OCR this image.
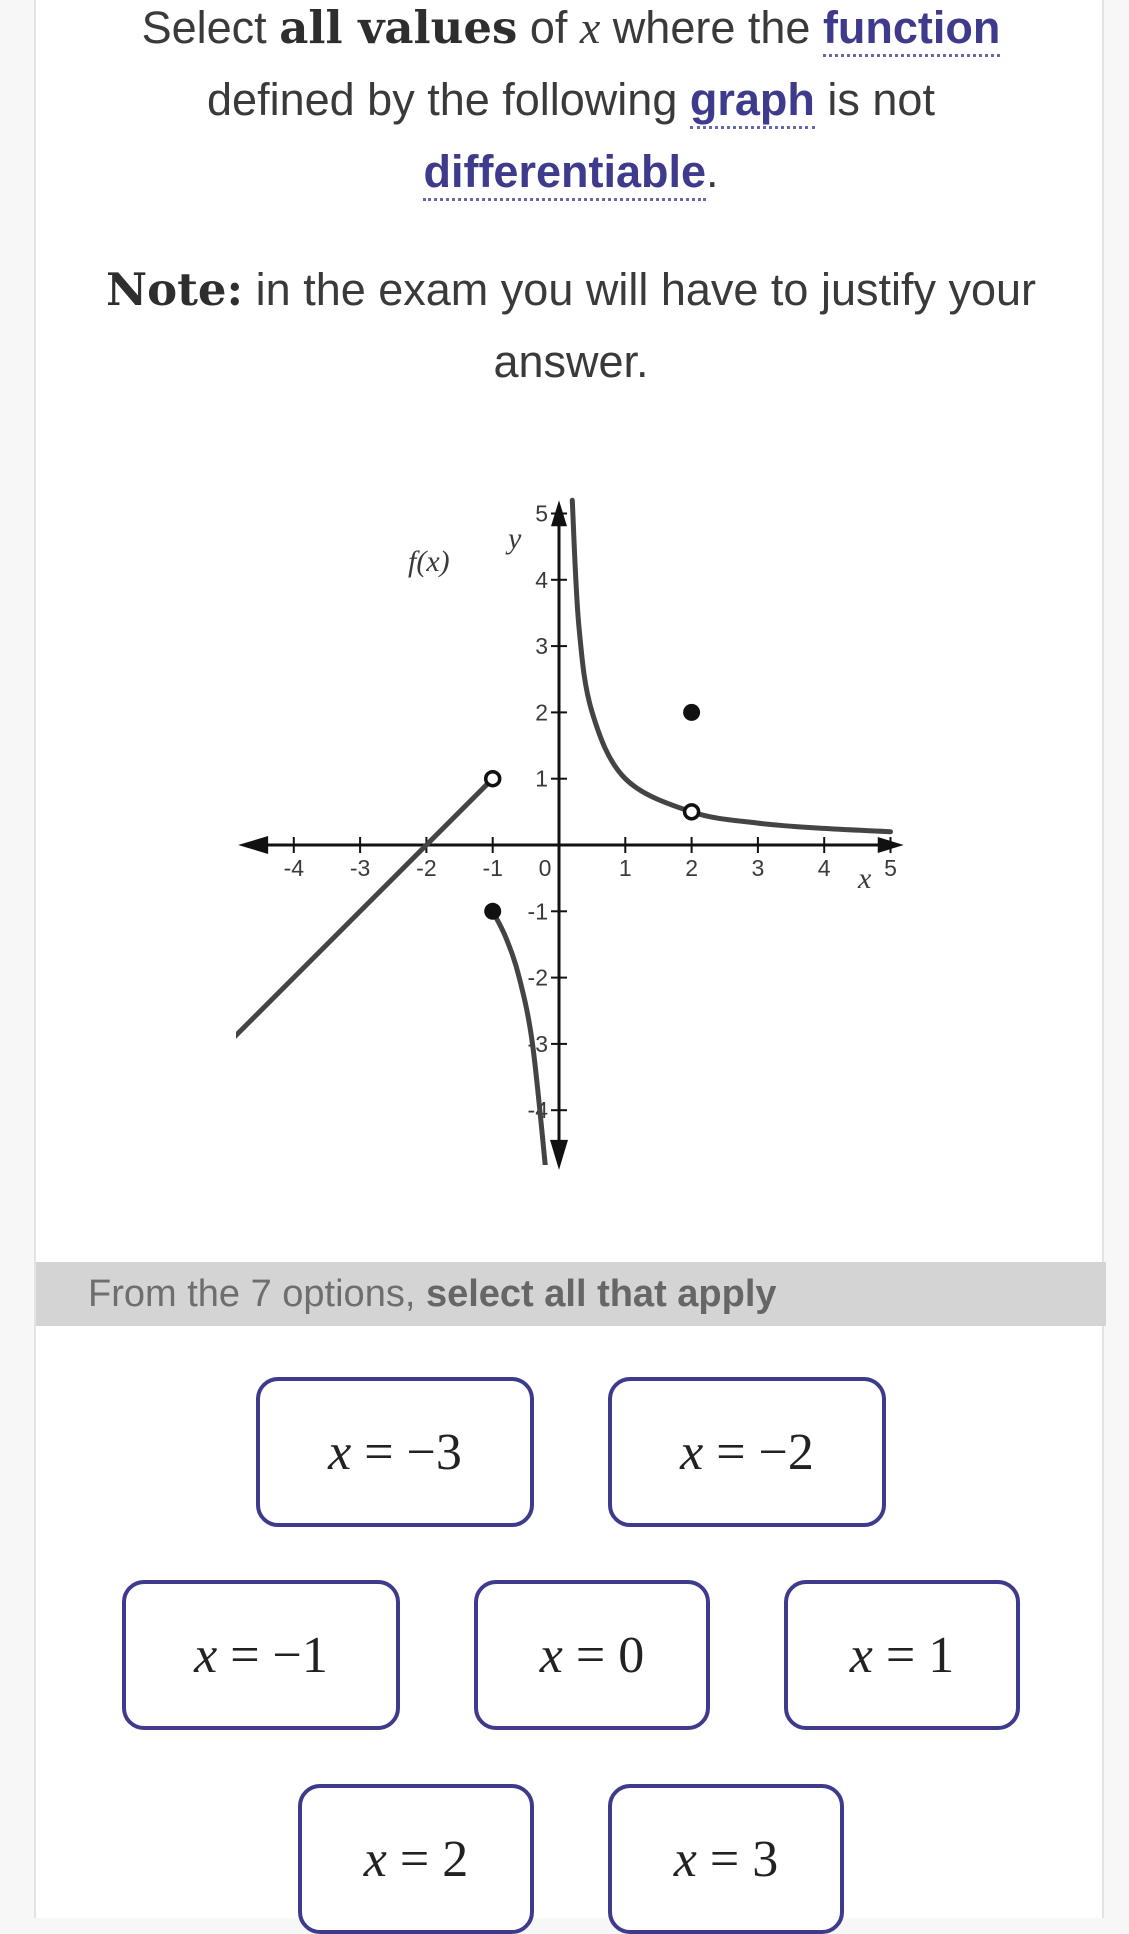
Select all values of x where the function
defined by the following graph is not
differentiable.
Note: in the exam you will have to justify your answer.
-4 -3 -2 -1 0	1 2 3 4 5
-4
-3
-2
-1
1
2
3
4
5
f(x)
y
x
From the 7 options, select all that apply
x
=
−3	x
=
−2
x
=
−1	x
=
0	x
=
1
x
=
2	x
=
3
